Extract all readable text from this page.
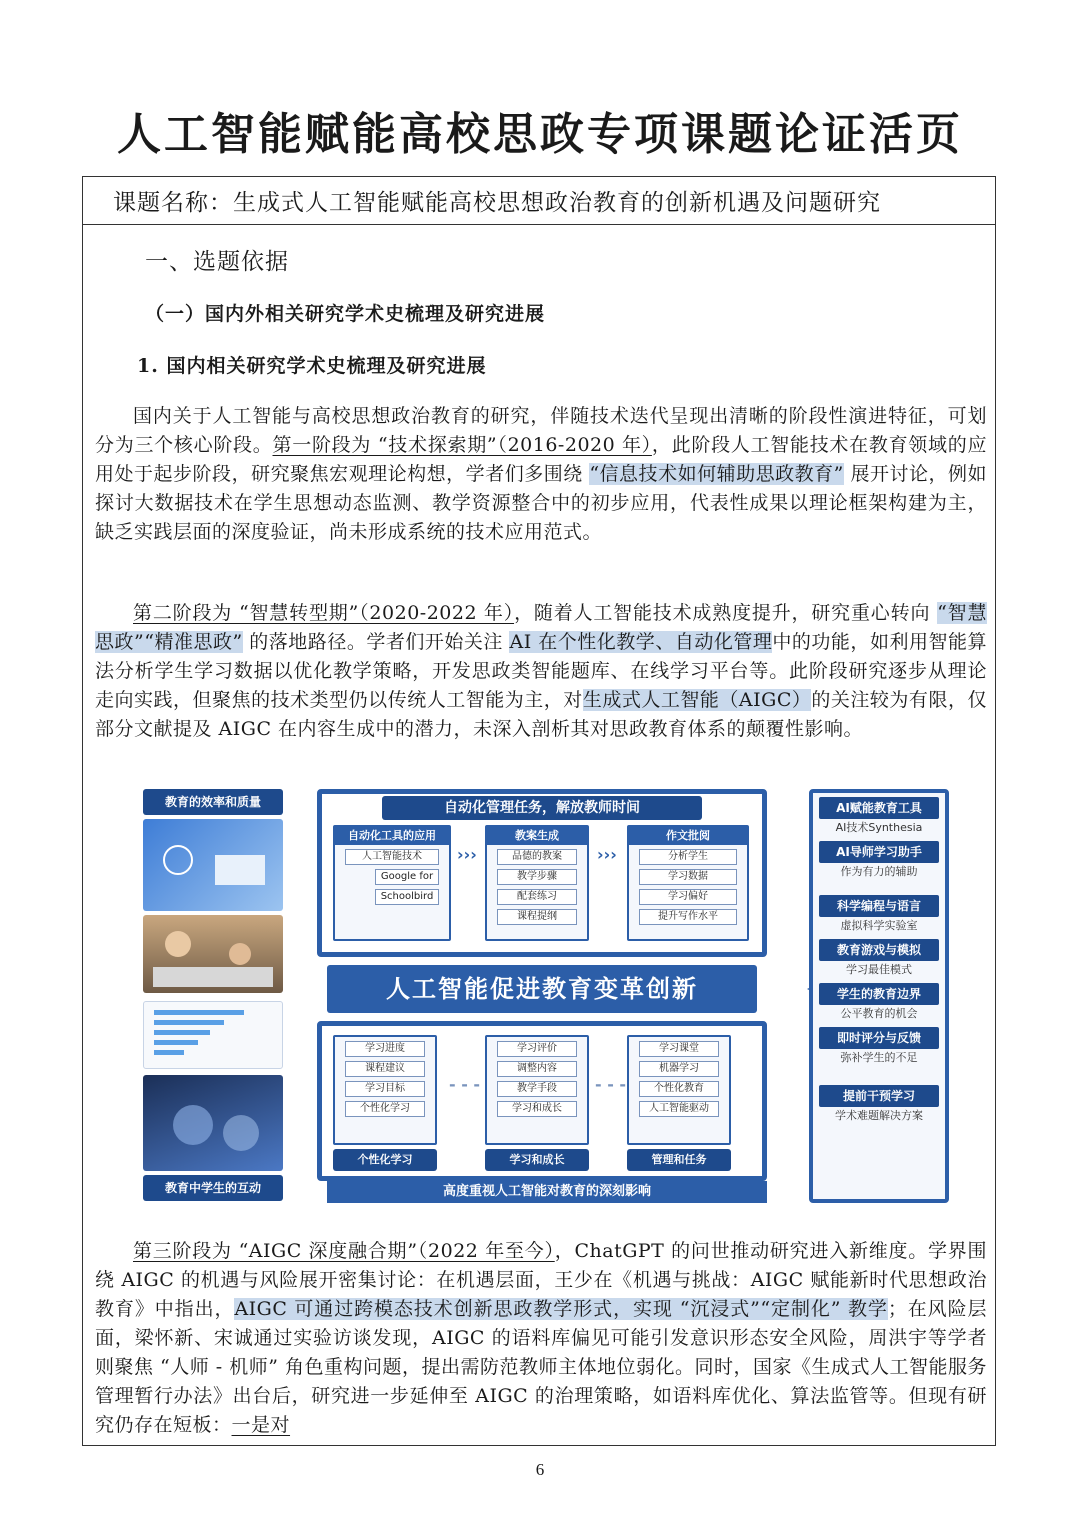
人工智能赋能高校思政专项课题论证活页
课题名称：生成式人工智能赋能高校思想政治教育的创新机遇及问题研究
一、选题依据
（一）国内外相关研究学术史梳理及研究进展
1. 国内相关研究学术史梳理及研究进展

国内关于人工智能与高校思想政治教育的研究，伴随技术迭代呈现出清晰的阶段性演进特征，可划分为三个核心阶段。第一阶段为 “技术探索期”（2016-2020 年），此阶段人工智能技术在教育领域的应用处于起步阶段，研究聚焦宏观理论构想，学者们多围绕 “信息技术如何辅助思政教育” 展开讨论，例如探讨大数据技术在学生思想动态监测、教学资源整合中的初步应用，代表性成果以理论框架构建为主，缺乏实践层面的深度验证，尚未形成系统的技术应用范式。

第二阶段为 “智慧转型期”（2020-2022 年），随着人工智能技术成熟度提升，研究重心转向 “智慧思政”“精准思政” 的落地路径。学者们开始关注 AI 在个性化教学、自动化管理中的功能，如利用智能算法分析学生学习数据以优化教学策略，开发思政类智能题库、在线学习平台等。此阶段研究逐步从理论走向实践，但聚焦的技术类型仍以传统人工智能为主，对生成式人工智能（AIGC）的关注较为有限，仅部分文献提及 AIGC 在内容生成中的潜力，未深入剖析其对思政教育体系的颠覆性影响。

教育的效率和质量
教育中学生的互动
自动化管理任务，解放教师时间
自动化工具的应用
人工智能技术
Google for
Schoolbird
›››
教案生成
品德的教案
教学步骤
配套练习
课程提纲
›››
作文批阅
分析学生
学习数据
学习偏好
提升写作水平
人工智能促进教育变革创新
学习进度
课程建议
学习目标
个性化学习
个性化学习
学习评价
调整内容
教学手段
学习和成长
学习和成长
学习课堂
机器学习
个性化教育
人工智能驱动
管理和任务
- - -	- - -
高度重视人工智能对教育的深刻影响
AI赋能教育工具
AI技术Synthesia
AI导师学习助手
作为有力的辅助
科学编程与语言
虚拟科学实验室
教育游戏与模拟
学习最佳模式
学生的教育边界
公平教育的机会
即时评分与反馈
弥补学生的不足
提前干预学习
学术难题解决方案

第三阶段为 “AIGC 深度融合期”（2022 年至今），ChatGPT 的问世推动研究进入新维度。学界围绕 AIGC 的机遇与风险展开密集讨论：在机遇层面，王少在《机遇与挑战：AIGC 赋能新时代思想政治教育》中指出，AIGC 可通过跨模态技术创新思政教学形式，实现 “沉浸式”“定制化” 教学；在风险层面，梁怀新、宋诚通过实验访谈发现，AIGC 的语料库偏见可能引发意识形态安全风险，周洪宇等学者则聚焦 “人师 - 机师” 角色重构问题，提出需防范教师主体地位弱化。同时，国家《生成式人工智能服务管理暂行办法》出台后，研究进一步延伸至 AIGC 的治理策略，如语料库优化、算法监管等。但现有研究仍存在短板：一是对

6
